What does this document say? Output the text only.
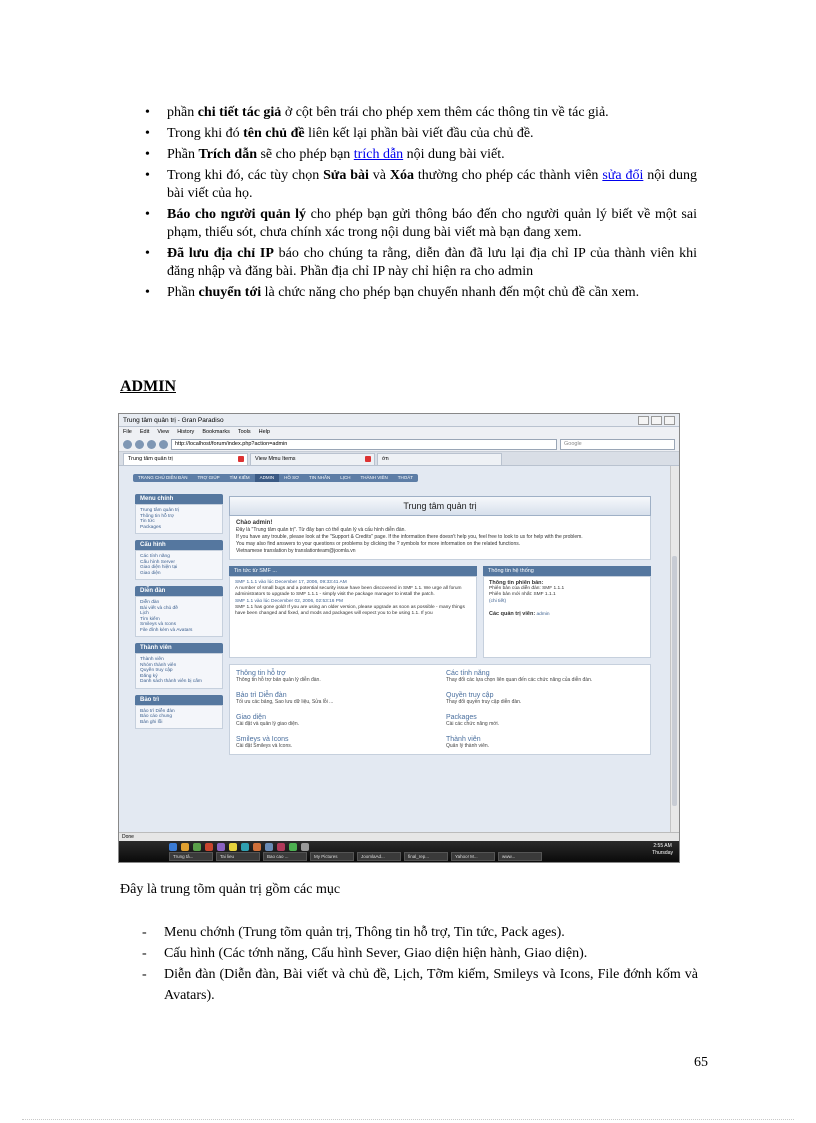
• phần chi tiết tác giả ở cột bên trái cho phép xem thêm các thông tin về tác giả.
• Trong khi đó tên chủ đề liên kết lại phần bài viết đầu của chủ đề.
• Phần Trích dẫn sẽ cho phép bạn trích dẫn nội dung bài viết.
• Trong khi đó, các tùy chọn Sửa bài và Xóa thường cho phép các thành viên sửa đổi nội dung bài viết của họ.
• Báo cho người quản lý cho phép bạn gửi thông báo đến cho người quản lý biết về một sai phạm, thiếu sót, chưa chính xác trong nội dung bài viết mà bạn đang xem.
• Đã lưu địa chỉ IP báo cho chúng ta rằng, diễn đàn đã lưu lại địa chỉ IP của thành viên khi đăng nhập và đăng bài. Phần địa chỉ IP này chỉ hiện ra cho admin
• Phần chuyển tới là chức năng cho phép bạn chuyển nhanh đến một chủ đề cần xem.
ADMIN
Trung tâm quản trị - Gran Paradiso
File Edit View History Bookmarks Tools Help
http://localhost/forum/index.php?action=admin	Google
Trung tâm quản trị	View Mmu Items	ớn
TRANG CHỦ DIỄN ĐÀN	TRỢ GIÚP	TÌM KIẾM	ADMIN	HỒ SƠ	TIN NHẮN	LỊCH	THÀNH VIÊN	THOÁT
Menu chính
Trung tâm quản trị
Thông tin hỗ trợ
Tin tức
Packages
Cấu hình
Các tính năng
Cấu hình Server
Giao diện hiện tại
Giao diện
Diễn đàn
Diễn đàn
Bài viết và chủ đề
Lịch
Tìm kiếm
Smileys và Icons
File đính kèm và Avatars
Thành viên
Thành viên
Nhóm thành viên
Quyền truy cập
Đăng ký
Danh sách thành viên bị cấm
Bảo trì
Bảo trì Diễn đàn
Báo cáo chung
Bản ghi lỗi
Trung tâm quản trị
Chào admin!
Đây là "Trung tâm quản trị". Từ đây bạn có thể quản lý và cấu hình diễn đàn.
If you have any trouble, please look at the "Support & Credits" page. If the information there doesn't help you, feel free to look to us for help with the problem.
You may also find answers to your questions or problems by clicking the ? symbols for more information on the related functions.
Vietnamese translation by translationteam@joomla.vn
Tin tức từ SMF ...
SMF 1.1.1 vào lúc December 17, 2006, 09:33:41 AM
A number of small bugs and a potential security issue have been discovered in SMF 1.1. We urge all forum administrators to upgrade to SMF 1.1.1 - simply visit the package manager to install the patch.
SMF 1.1 vào lúc December 02, 2006, 02:53:16 PM
SMF 1.1 has gone gold! If you are using an older version, please upgrade as soon as possible - many things have been changed and fixed, and mods and packages will expect you to be using 1.1. If you
Thông tin hệ thống
Thông tin phiên bản:
Phiên bản của diễn đàn: SMF 1.1.1
Phiên bản mới nhất: SMF 1.1.1
(chi tiết)
Các quản trị viên: admin
Thông tin hỗ trợ
Thông tin hỗ trợ bản quản lý diễn đàn.
Các tính năng
Thay đổi các lựa chọn liên quan đến các chức năng của diễn đàn.
Bảo trì Diễn đàn
Tối ưu các bảng, Sao lưu dữ liệu, Sửa lỗi ...
Quyền truy cập
Thay đổi quyền truy cập diễn đàn.
Giao diện
Cài đặt và quản lý giao diện.
Packages
Cài các chức năng mới.
Smileys và Icons
Cài đặt Smileys và Icons.
Thành viên
Quản lý thành viên.
Done
Trung tâ...	Tai lieu	Bao cao ...	My Pictures	JoomlaAd...	final_rep...	Yahoo! M...	www...
2:55 AM
Thursday
Đây là trung tõm quản trị gồm các mục
- Menu chớnh (Trung tõm quản trị, Thông tin hỗ trợ, Tin tức, Pack ages).
- Cấu hình (Các tớnh năng, Cấu hình Sever, Giao diện hiện hành, Giao diện).
- Diễn đàn (Diễn đàn, Bài viết và chủ đề, Lịch, Tỡm kiếm, Smileys và Icons, File đớnh kốm và Avatars).
65
